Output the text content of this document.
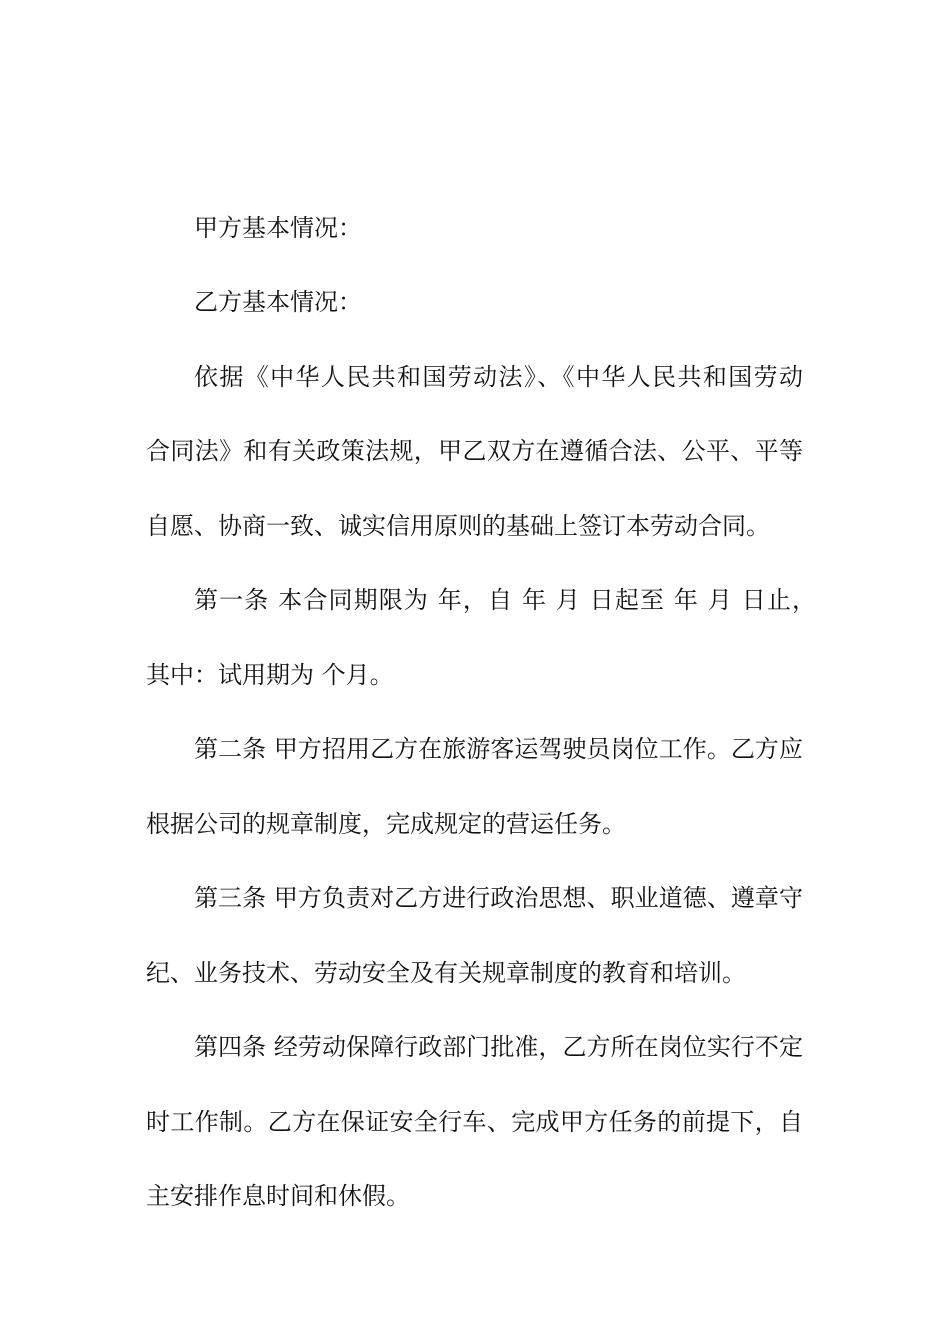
甲方基本情况：
乙方基本情况：
依据《中华人民共和国劳动法》、《中华人民共和国劳动
合同法》和有关政策法规，甲乙双方在遵循合法、公平、平等
自愿、协商一致、诚实信用原则的基础上签订本劳动合同。
第一条 本合同期限为 年，自 年 月 日起至 年 月 日止，
其中：试用期为 个月。
第二条 甲方招用乙方在旅游客运驾驶员岗位工作。乙方应
根据公司的规章制度，完成规定的营运任务。
第三条 甲方负责对乙方进行政治思想、职业道德、遵章守
纪、业务技术、劳动安全及有关规章制度的教育和培训。
第四条 经劳动保障行政部门批准，乙方所在岗位实行不定
时工作制。乙方在保证安全行车、完成甲方任务的前提下，自
主安排作息时间和休假。
